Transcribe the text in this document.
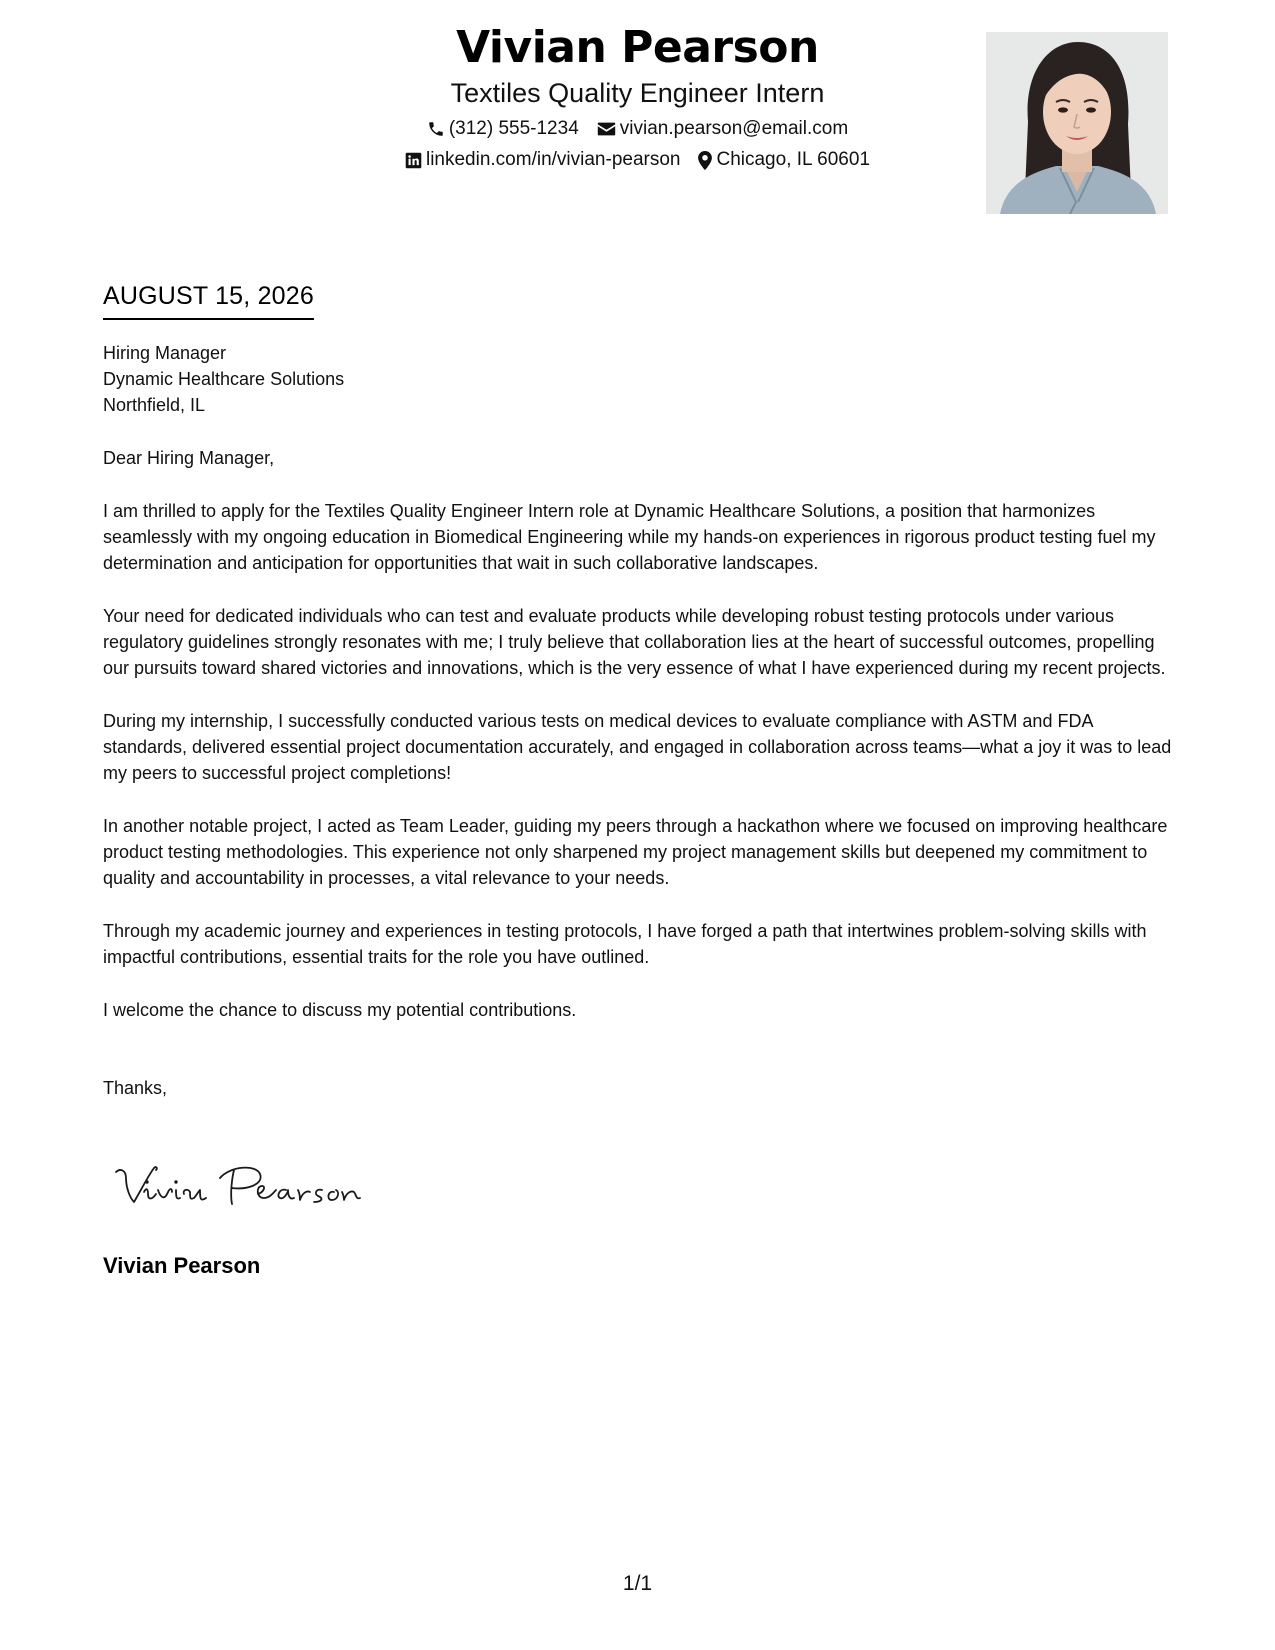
Vivian Pearson
Textiles Quality Engineer Intern
(312) 555-1234 vivian.pearson@email.com
linkedin.com/in/vivian-pearson Chicago, IL 60601
AUGUST 15, 2026
Hiring Manager
Dynamic Healthcare Solutions
Northfield, IL

Dear Hiring Manager,

I am thrilled to apply for the Textiles Quality Engineer Intern role at Dynamic Healthcare Solutions, a position that harmonizes seamlessly with my ongoing education in Biomedical Engineering while my hands-on experiences in rigorous product testing fuel my determination and anticipation for opportunities that wait in such collaborative landscapes.

Your need for dedicated individuals who can test and evaluate products while developing robust testing protocols under various regulatory guidelines strongly resonates with me; I truly believe that collaboration lies at the heart of successful outcomes, propelling our pursuits toward shared victories and innovations, which is the very essence of what I have experienced during my recent projects.

During my internship, I successfully conducted various tests on medical devices to evaluate compliance with ASTM and FDA standards, delivered essential project documentation accurately, and engaged in collaboration across teams—what a joy it was to lead my peers to successful project completions!

In another notable project, I acted as Team Leader, guiding my peers through a hackathon where we focused on improving healthcare product testing methodologies. This experience not only sharpened my project management skills but deepened my commitment to quality and accountability in processes, a vital relevance to your needs.

Through my academic journey and experiences in testing protocols, I have forged a path that intertwines problem-solving skills with impactful contributions, essential traits for the role you have outlined.

I welcome the chance to discuss my potential contributions.

Thanks,

Vivian Pearson
1/1
